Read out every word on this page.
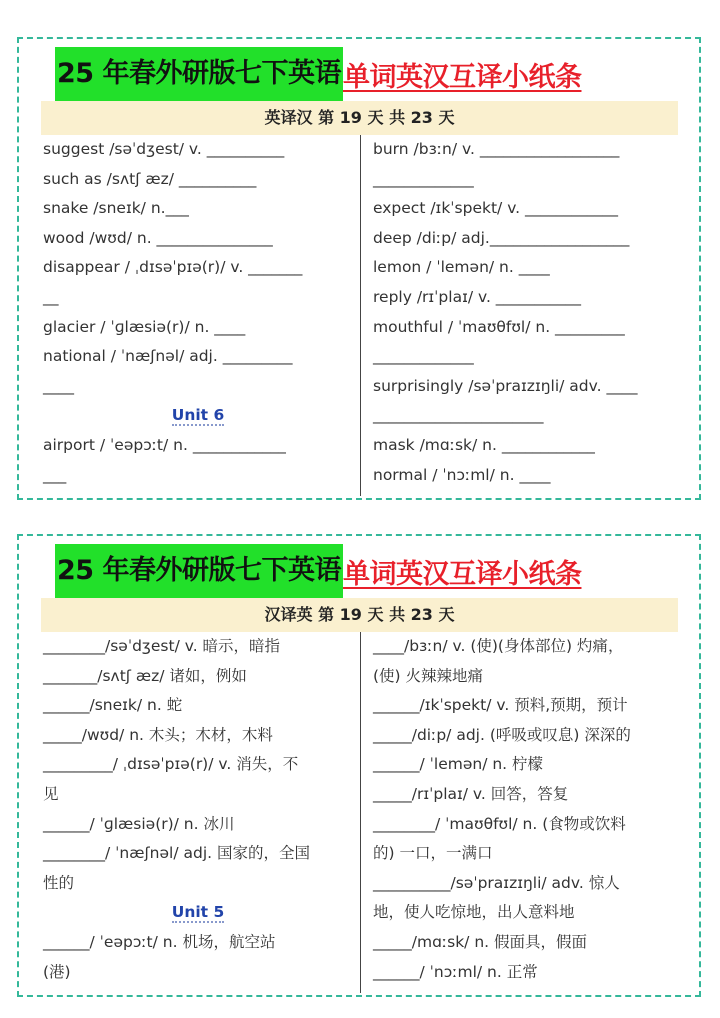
25 年春外研版七下英语 单词英汉互译小纸条
英译汉 第 19 天 共 23 天
suggest /səˈdʒest/ v. __________
such as /sʌtʃ æz/ __________
snake /sneɪk/ n.___
wood /wʊd/ n. _______________
disappear / ˌdɪsəˈpɪə(r)/ v. _______
__
glacier / ˈɡlæsiə(r)/ n. ____
national / ˈnæʃnəl/ adj. _________
____
Unit 6
airport / ˈeəpɔːt/ n. ____________
___
burn /bɜːn/ v. __________________
_____________
expect /ɪkˈspekt/ v. ____________
deep /diːp/ adj.__________________
lemon / ˈlemən/ n. ____
reply /rɪˈplaɪ/ v. ___________
mouthful / ˈmaʊθfʊl/ n. _________
_____________
surprisingly /səˈpraɪzɪŋli/ adv. ____
______________________
mask /mɑːsk/ n. ____________
normal / ˈnɔːml/ n. ____
25 年春外研版七下英语 单词英汉互译小纸条
汉译英 第 19 天 共 23 天
________/səˈdʒest/ v. 暗示，暗指
_______/sʌtʃ æz/ 诸如，例如
______/sneɪk/ n. 蛇
_____/wʊd/ n. 木头；木材，木料
_________/ ˌdɪsəˈpɪə(r)/ v. 消失，不
见
______/ ˈɡlæsiə(r)/ n. 冰川
________/ ˈnæʃnəl/ adj. 国家的，全国
性的
Unit 5
______/ ˈeəpɔːt/ n. 机场，航空站
(港)
____/bɜːn/ v. (使)(身体部位) 灼痛，
(使) 火辣辣地痛
______/ɪkˈspekt/ v. 预料,预期，预计
_____/diːp/ adj. (呼吸或叹息) 深深的
______/ ˈlemən/ n. 柠檬
_____/rɪˈplaɪ/ v. 回答，答复
________/ ˈmaʊθfʊl/ n. (食物或饮料
的) 一口，一满口
__________/səˈpraɪzɪŋli/ adv. 惊人
地，使人吃惊地，出人意料地
_____/mɑːsk/ n. 假面具，假面
______/ ˈnɔːml/ n. 正常
